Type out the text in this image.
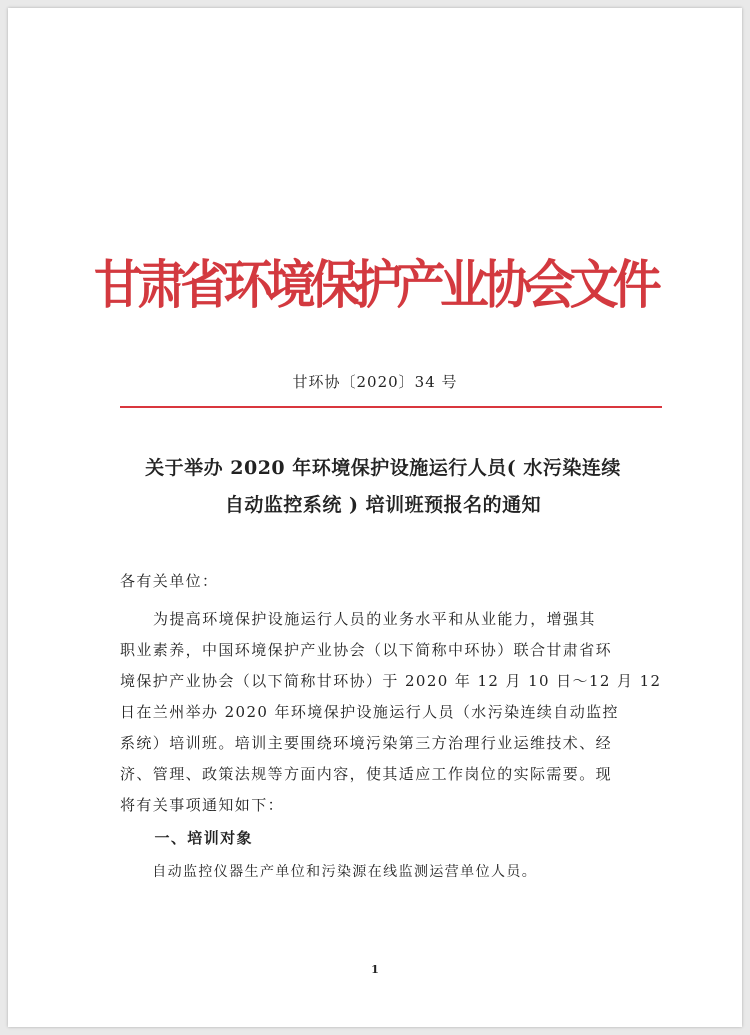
甘肃省环境保护产业协会文件
甘环协〔2020〕34 号
关于举办 2020 年环境保护设施运行人员( 水污染连续
自动监控系统 ) 培训班预报名的通知

各有关单位：

为提高环境保护设施运行人员的业务水平和从业能力，增强其
职业素养，中国环境保护产业协会（以下简称中环协）联合甘肃省环
境保护产业协会（以下简称甘环协）于 2020 年 12 月 10 日～12 月 12
日在兰州举办 2020 年环境保护设施运行人员（水污染连续自动监控
系统）培训班。培训主要围绕环境污染第三方治理行业运维技术、经
济、管理、政策法规等方面内容，使其适应工作岗位的实际需要。现
将有关事项通知如下：

一、培训对象

自动监控仪器生产单位和污染源在线监测运营单位人员。

1
